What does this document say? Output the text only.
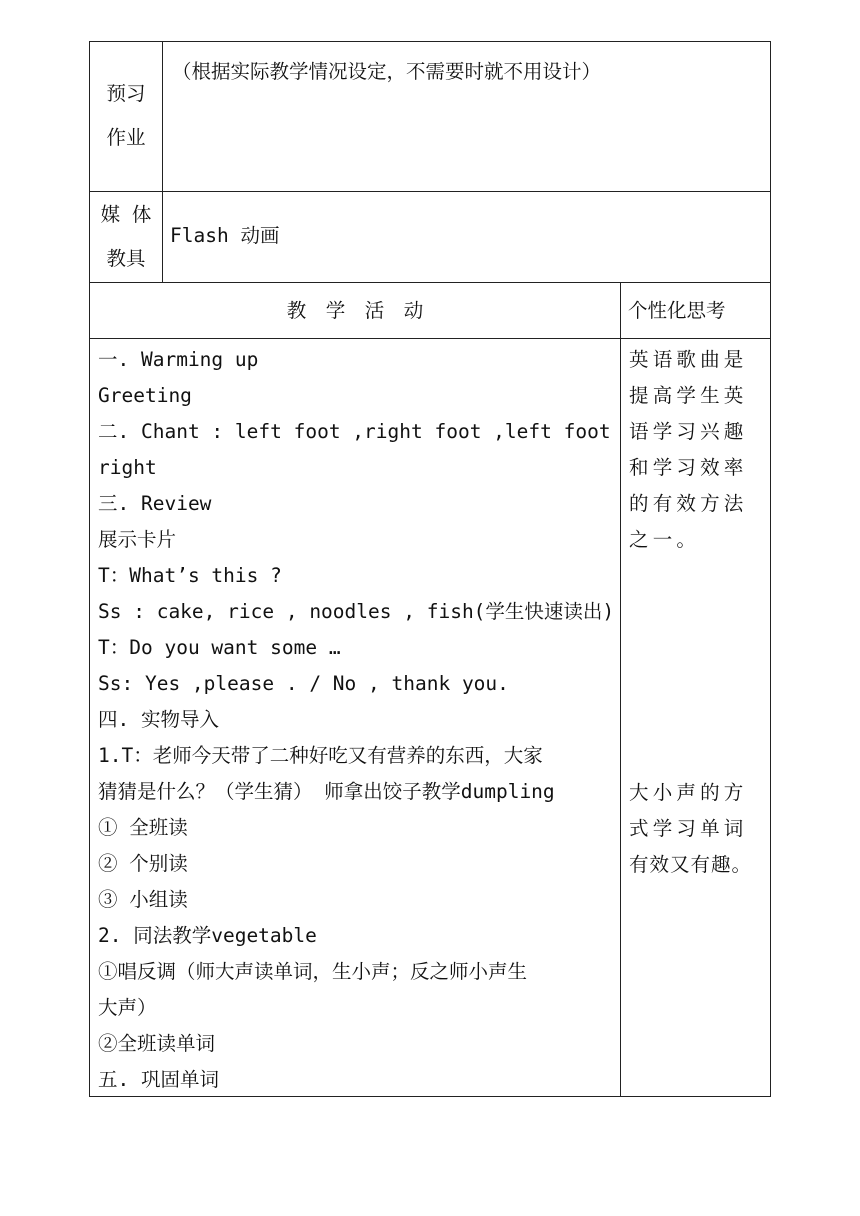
预习
作业
（根据实际教学情况设定，不需要时就不用设计）
媒 体
教具
Flash 动画
教　学　活　动	个性化思考
一. Warming up
Greeting
二. Chant : left foot ,right foot ,left foot
right
三. Review
展示卡片
T：What’s this ?
Ss : cake, rice , noodles , fish(学生快速读出)
T：Do you want some …
Ss: Yes ,please . / No , thank you.
四. 实物导入
1.T：老师今天带了二种好吃又有营养的东西，大家
猜猜是什么？（学生猜） 师拿出饺子教学dumpling
① 全班读
② 个别读
③ 小组读
2. 同法教学vegetable
①唱反调（师大声读单词，生小声；反之师小声生
大声）
②全班读单词
五. 巩固单词
英语歌曲是
提高学生英
语学习兴趣
和学习效率
的有效方法
之一。
大小声的方
式学习单词
有效又有趣。
